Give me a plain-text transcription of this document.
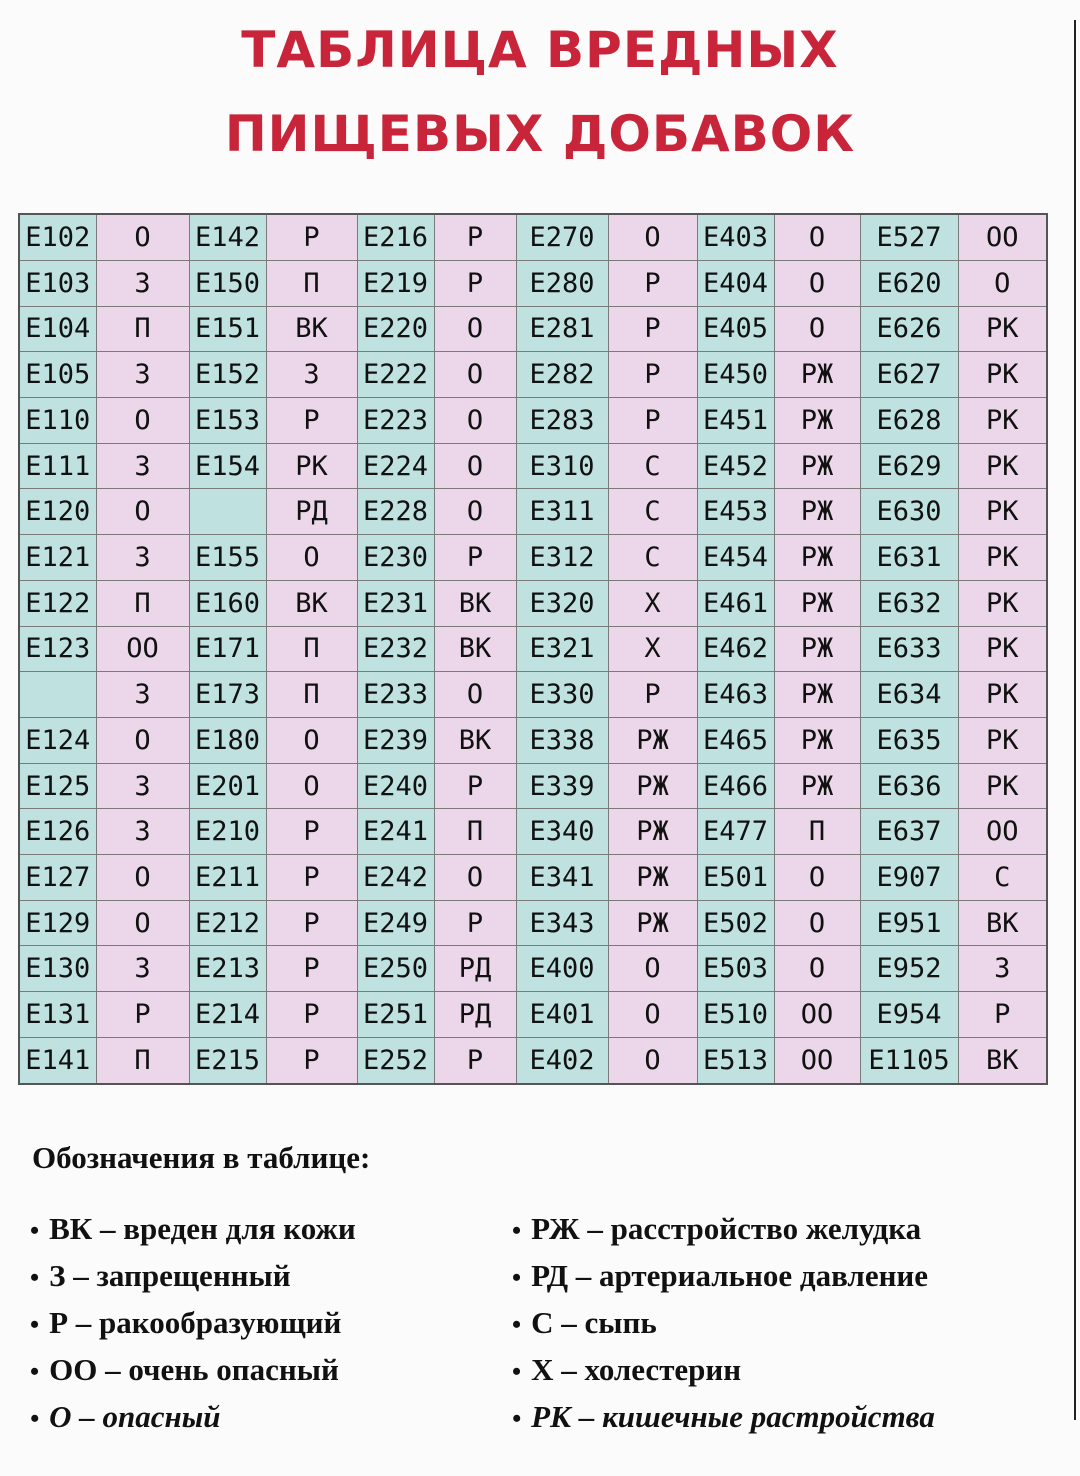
ТАБЛИЦА ВРЕДНЫХ
ПИЩЕВЫХ ДОБАВОК
E102	О	E142	Р	E216	Р	E270	О	E403	О	E527	ОО
E103	З	E150	П	E219	Р	E280	Р	E404	О	E620	О
E104	П	E151	ВК	E220	О	E281	Р	E405	О	E626	РК
E105	З	E152	З	E222	О	E282	Р	E450	РЖ	E627	РК
E110	О	E153	Р	E223	О	E283	Р	E451	РЖ	E628	РК
E111	З	E154	РК	E224	О	E310	С	E452	РЖ	E629	РК
E120	О		РД	E228	О	E311	С	E453	РЖ	E630	РК
E121	З	E155	О	E230	Р	E312	С	E454	РЖ	E631	РК
E122	П	E160	ВК	E231	ВК	E320	Х	E461	РЖ	E632	РК
E123	ОО	E171	П	E232	ВК	E321	Х	E462	РЖ	E633	РК
	З	E173	П	E233	О	E330	Р	E463	РЖ	E634	РК
E124	О	E180	О	E239	ВК	E338	РЖ	E465	РЖ	E635	РК
E125	З	E201	О	E240	Р	E339	РЖ	E466	РЖ	E636	РК
E126	З	E210	Р	E241	П	E340	РЖ	E477	П	E637	ОО
E127	О	E211	Р	E242	О	E341	РЖ	E501	О	E907	С
E129	О	E212	Р	E249	Р	E343	РЖ	E502	О	E951	ВК
E130	З	E213	Р	E250	РД	E400	О	E503	О	E952	З
E131	Р	E214	Р	E251	РД	E401	О	E510	ОО	E954	Р
E141	П	E215	Р	E252	Р	E402	О	E513	ОО	E1105	ВК
Обозначения в таблице:
• ВК – вреден для кожи
• З – запрещенный
• Р – ракообразующий
• ОО – очень опасный
• О – опасный
• РЖ – расстройство желудка
• РД – артериальное давление
• С – сыпь
• Х – холестерин
• РК – кишечные растройства
